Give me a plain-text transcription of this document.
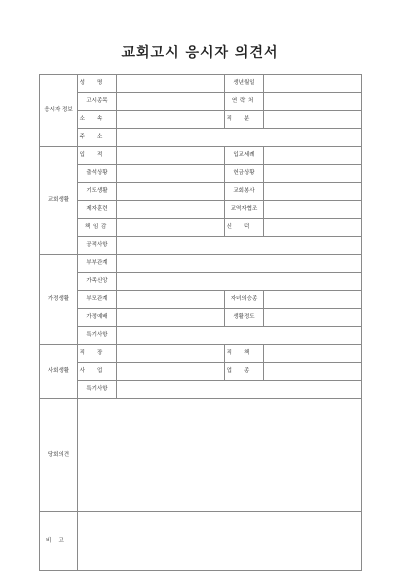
교회고시 응시자 의견서
응시자 정보	성명		생년월일	
	고시종목		연락처	
	소속		직분	
	주소			
교회생활	입적		입교세례	
	출석상황		헌금상황	
	기도생활		교회봉사	
	제자훈련		교역자협조	
	책임감		신덕	
	공적사항			
가정생활	부부관계			
	가족신앙			
	부모관계		자녀의승종	
	가정예배		생활정도	
	특기사항			
사회생활	직장		직책	
	사업		업종	
	특기사항			
당회의견				
비고				
